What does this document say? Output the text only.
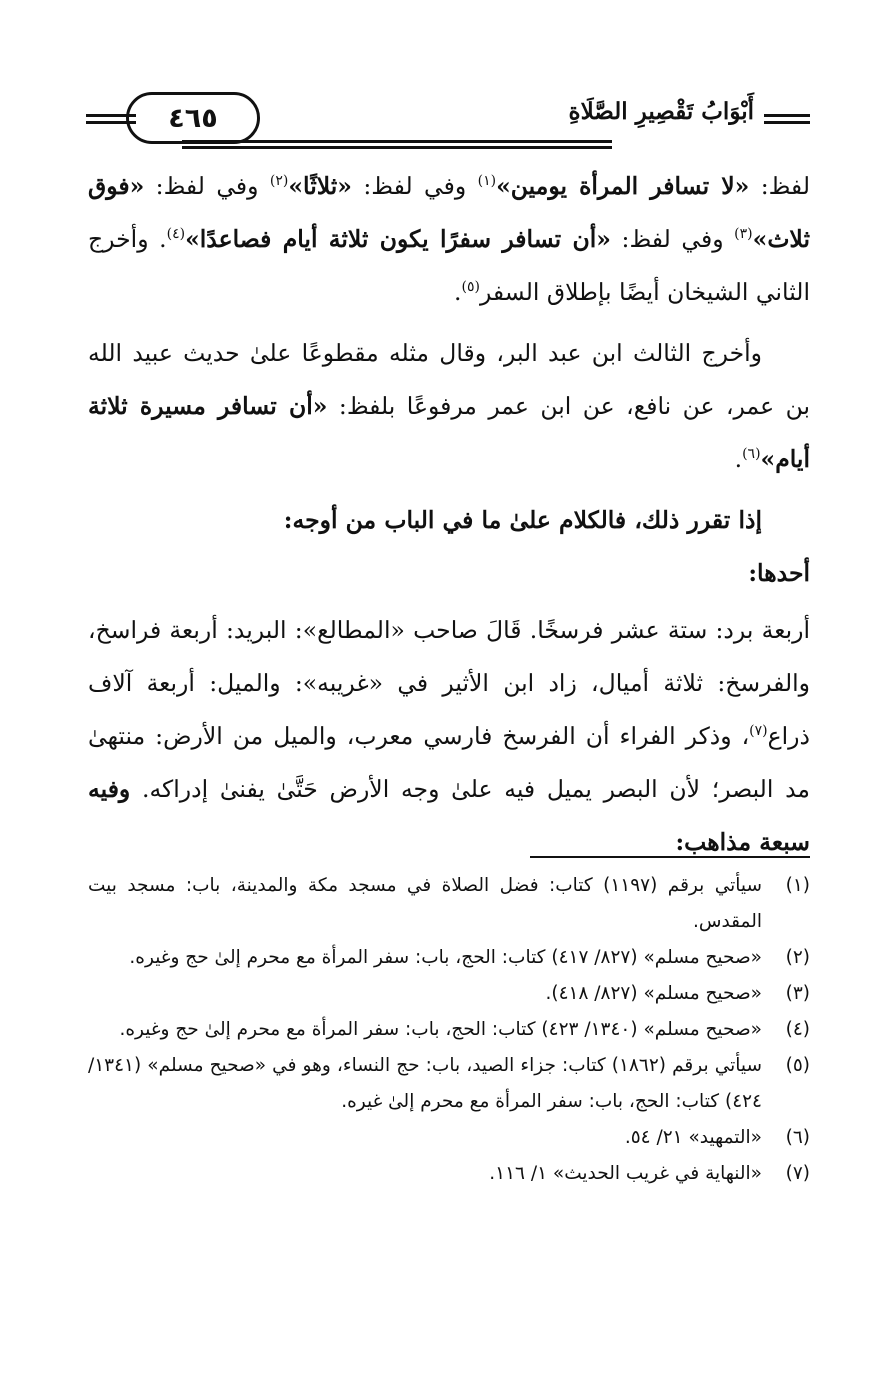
٤٦٥	أَبْوَابُ تَقْصِيرِ الصَّلَاةِ

لفظ: «لا تسافر المرأة يومين»$^{(١)}$ وفي لفظ: «ثلاثًا»$^{(٢)}$ وفي لفظ: «فوق ثلاث»$^{(٣)}$ وفي لفظ: «أن تسافر سفرًا يكون ثلاثة أيام فصاعدًا»$^{(٤)}$. وأخرج الثاني الشيخان أيضًا بإطلاق السفر$^{(٥)}$.

وأخرج الثالث ابن عبد البر، وقال مثله مقطوعًا علىٰ حديث عبيد الله بن عمر، عن نافع، عن ابن عمر مرفوعًا بلفظ: «أن تسافر مسيرة ثلاثة أيام»$^{(٦)}$.

إذا تقرر ذلك، فالكلام علىٰ ما في الباب من أوجه:

أحدها:

أربعة برد: ستة عشر فرسخًا. قَالَ صاحب «المطالع»: البريد: أربعة فراسخ، والفرسخ: ثلاثة أميال، زاد ابن الأثير في «غريبه»: والميل: أربعة آلاف ذراع$^{(٧)}$، وذكر الفراء أن الفرسخ فارسي معرب، والميل من الأرض: منتهىٰ مد البصر؛ لأن البصر يميل فيه علىٰ وجه الأرض حَتَّىٰ يفنىٰ إدراكه. وفيه سبعة مذاهب:

(١)
سيأتي برقم (١١٩٧) كتاب: فضل الصلاة في مسجد مكة والمدينة، باب: مسجد بيت المقدس.
(٢)
«صحيح مسلم» (٨٢٧/ ٤١٧) كتاب: الحج، باب: سفر المرأة مع محرم إلىٰ حج وغيره.
(٣)
«صحيح مسلم» (٨٢٧/ ٤١٨).
(٤)
«صحيح مسلم» (١٣٤٠/ ٤٢٣) كتاب: الحج، باب: سفر المرأة مع محرم إلىٰ حج وغيره.
(٥)
سيأتي برقم (١٨٦٢) كتاب: جزاء الصيد، باب: حج النساء، وهو في «صحيح مسلم» (١٣٤١/ ٤٢٤) كتاب: الحج، باب: سفر المرأة مع محرم إلىٰ غيره.
(٦)
«التمهيد» ٢١/ ٥٤.
(٧)
«النهاية في غريب الحديث» ١/ ١١٦.
